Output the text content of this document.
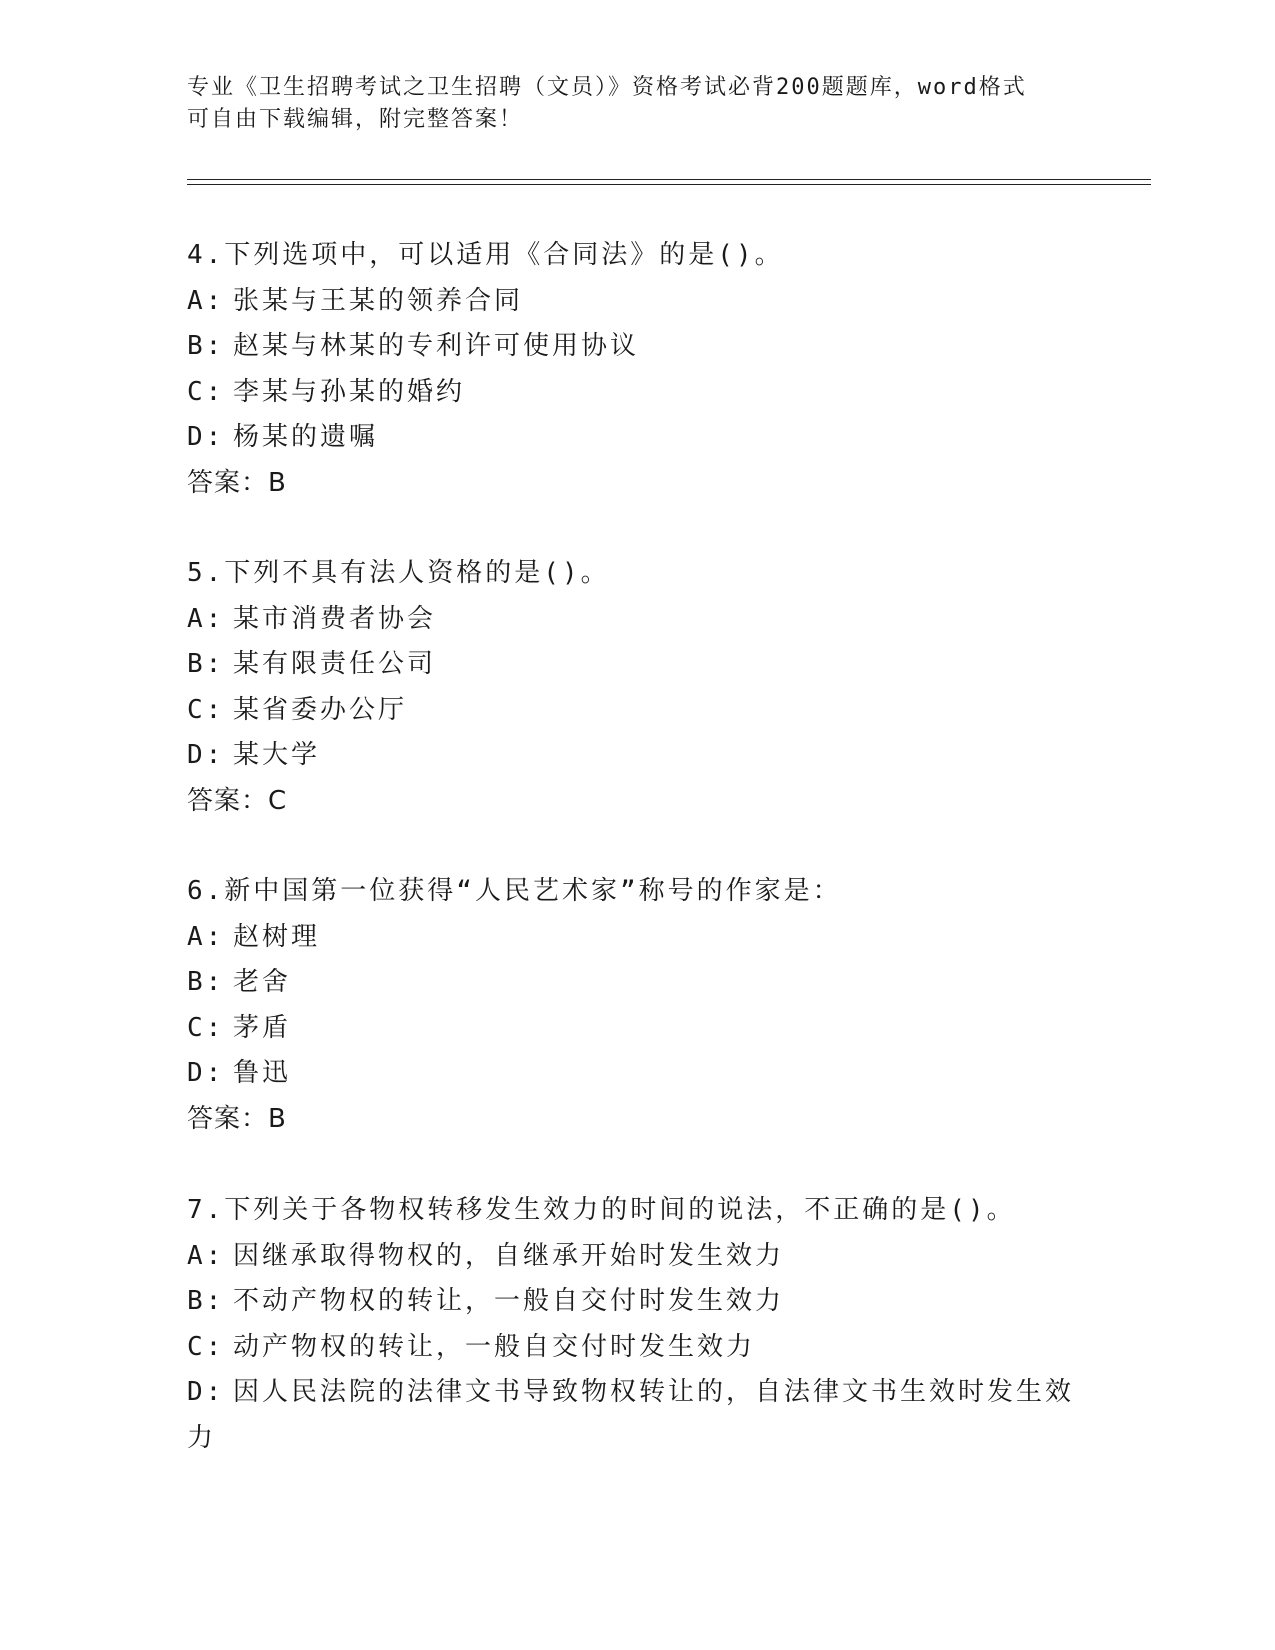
专业《卫生招聘考试之卫生招聘（文员）》资格考试必背200题题库，word格式
可自由下载编辑，附完整答案！
4.下列选项中，可以适用《合同法》的是()。
A: 张某与王某的领养合同
B: 赵某与林某的专利许可使用协议
C: 李某与孙某的婚约
D: 杨某的遗嘱
答案：B
5.下列不具有法人资格的是()。
A: 某市消费者协会
B: 某有限责任公司
C: 某省委办公厅
D: 某大学
答案：C
6.新中国第一位获得“人民艺术家”称号的作家是：
A: 赵树理
B: 老舍
C: 茅盾
D: 鲁迅
答案：B
7.下列关于各物权转移发生效力的时间的说法，不正确的是()。
A: 因继承取得物权的，自继承开始时发生效力
B: 不动产物权的转让，一般自交付时发生效力
C: 动产物权的转让，一般自交付时发生效力
D: 因人民法院的法律文书导致物权转让的，自法律文书生效时发生效
力
